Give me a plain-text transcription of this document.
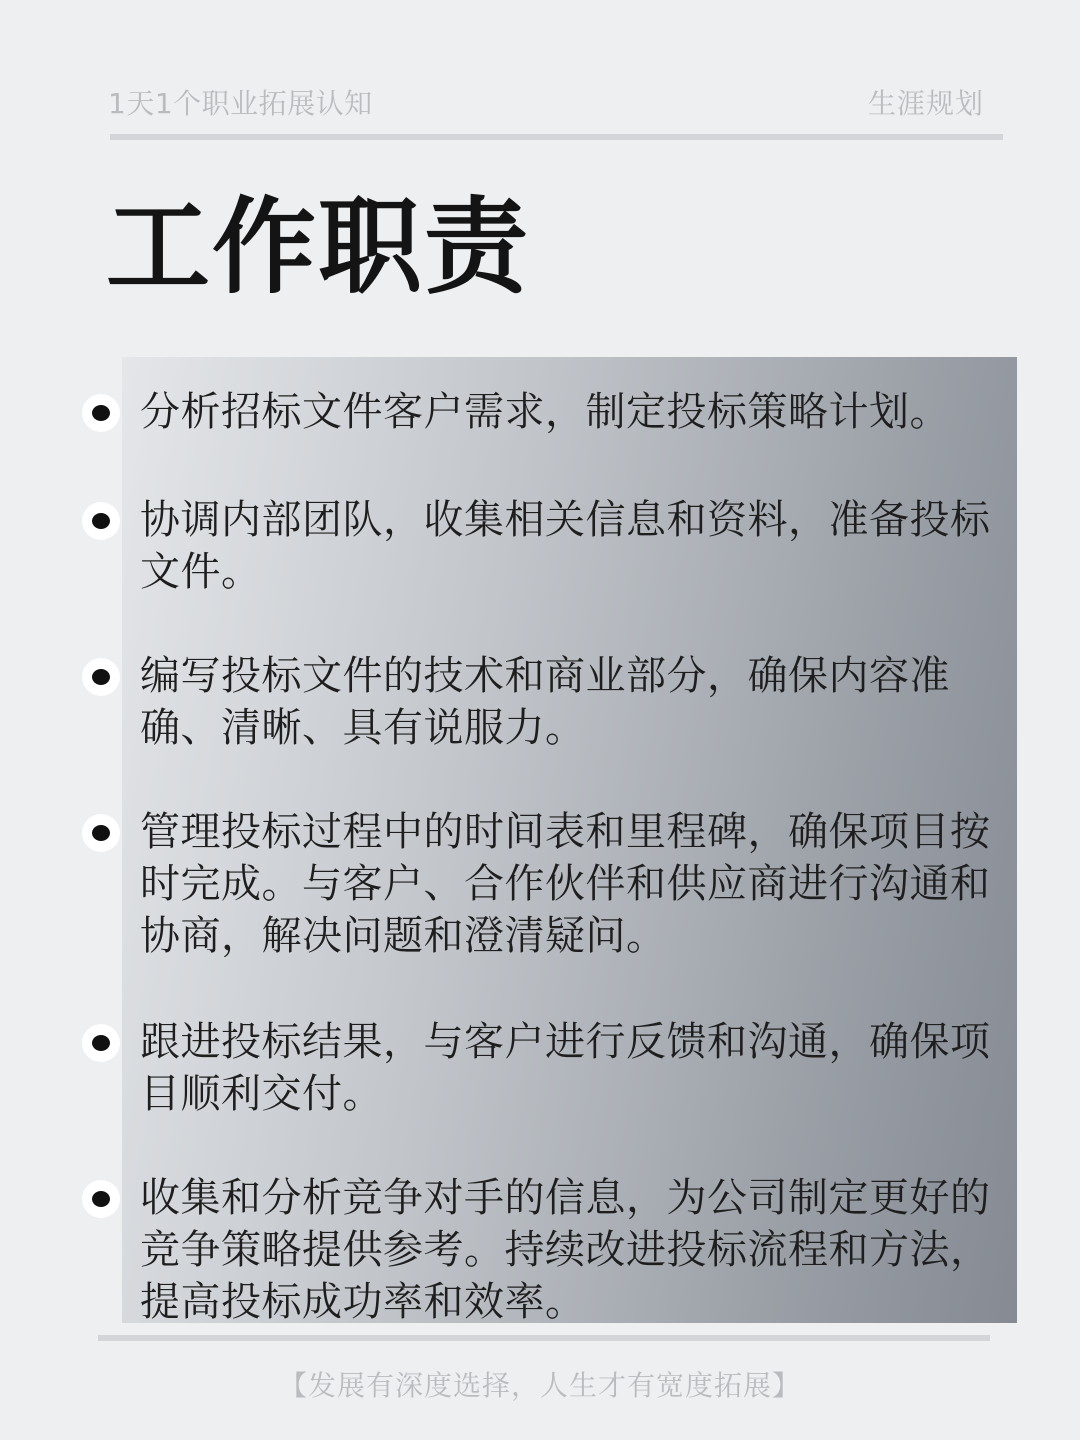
1天1个职业拓展认知	生涯规划
工作职责
分析招标文件客户需求，制定投标策略计划。
协调内部团队，收集相关信息和资料，准备投标文件。
编写投标文件的技术和商业部分，确保内容准确、清晰、具有说服力。
管理投标过程中的时间表和里程碑，确保项目按时完成。与客户、合作伙伴和供应商进行沟通和协商，解决问题和澄清疑问。
跟进投标结果，与客户进行反馈和沟通，确保项目顺利交付。
收集和分析竞争对手的信息，为公司制定更好的竞争策略提供参考。持续改进投标流程和方法，提高投标成功率和效率。
【发展有深度选择，人生才有宽度拓展】
